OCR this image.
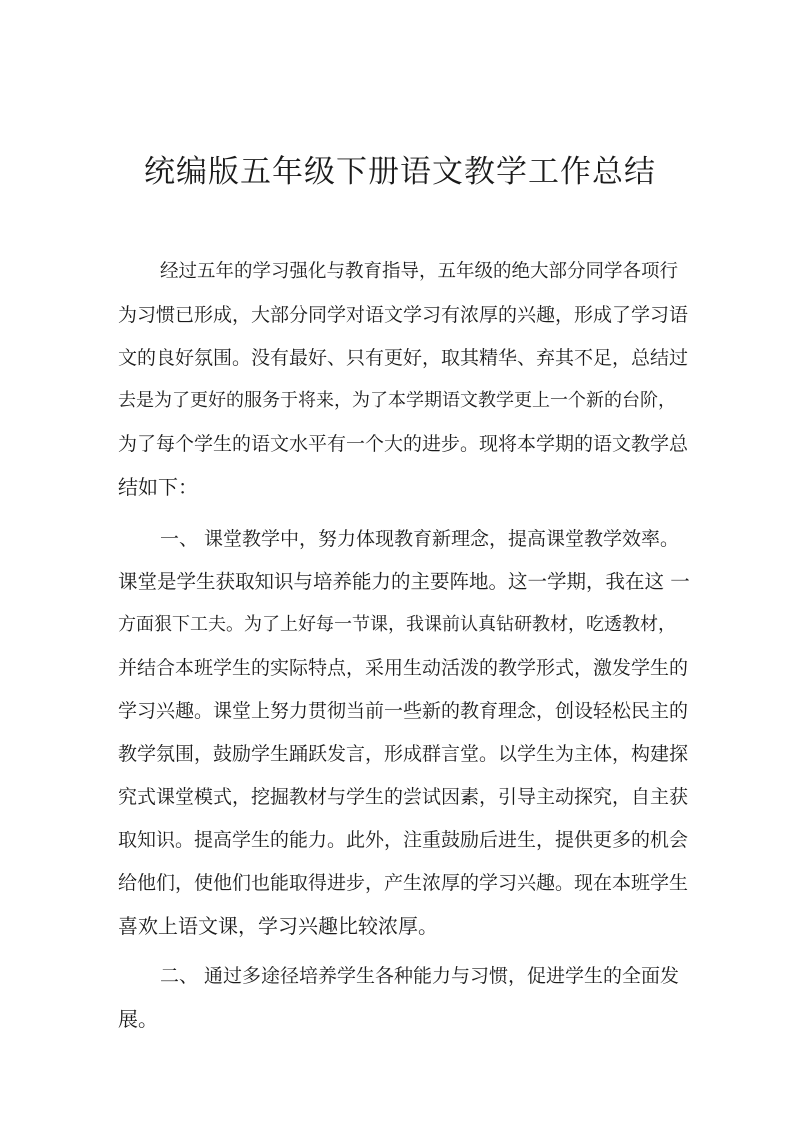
统编版五年级下册语文教学工作总结
经过五年的学习强化与教育指导，五年级的绝大部分同学各项行
为习惯已形成，大部分同学对语文学习有浓厚的兴趣，形成了学习语
文的良好氛围。没有最好、只有更好，取其精华、弃其不足，总结过
去是为了更好的服务于将来，为了本学期语文教学更上一个新的台阶，
为了每个学生的语文水平有一个大的进步。现将本学期的语文教学总
结如下：
一、 课堂教学中，努力体现教育新理念，提高课堂教学效率。
课堂是学生获取知识与培养能力的主要阵地。这一学期，我在这 一
方面狠下工夫。为了上好每一节课，我课前认真钻研教材，吃透教材，
并结合本班学生的实际特点，采用生动活泼的教学形式，激发学生的
学习兴趣。课堂上努力贯彻当前一些新的教育理念，创设轻松民主的
教学氛围，鼓励学生踊跃发言，形成群言堂。以学生为主体，构建探
究式课堂模式，挖掘教材与学生的尝试因素，引导主动探究，自主获
取知识。提高学生的能力。此外，注重鼓励后进生，提供更多的机会
给他们，使他们也能取得进步，产生浓厚的学习兴趣。现在本班学生
喜欢上语文课，学习兴趣比较浓厚。
二、 通过多途径培养学生各种能力与习惯，促进学生的全面发
展。
